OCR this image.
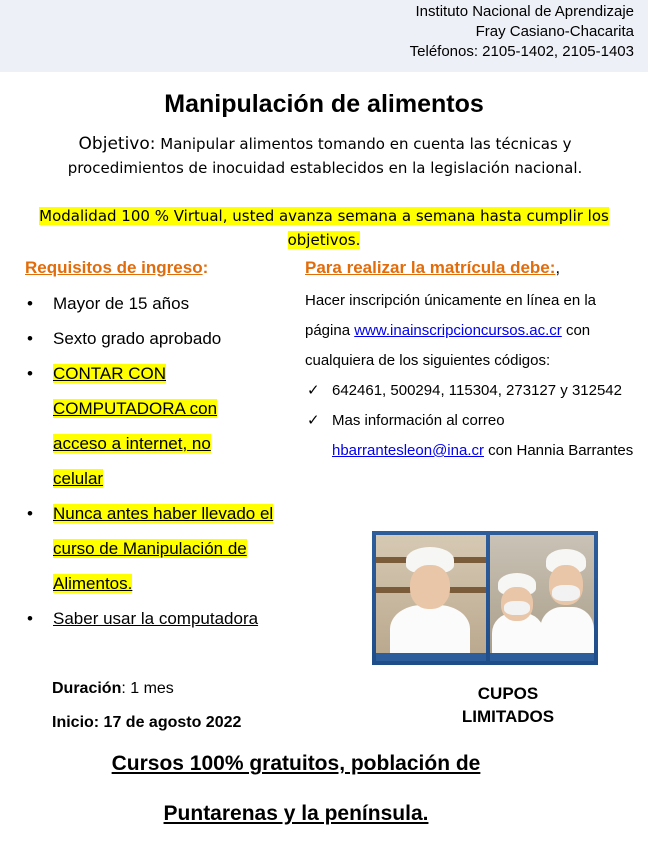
Instituto Nacional de Aprendizaje
Fray Casiano-Chacarita
Teléfonos: 2105-1402, 2105-1403
Manipulación de alimentos
Objetivo: Manipular alimentos tomando en cuenta las técnicas y procedimientos de inocuidad establecidos en la legislación nacional.
Modalidad 100 % Virtual, usted avanza semana a semana hasta cumplir los objetivos.
Requisitos de ingreso:
• Mayor de 15 años
• Sexto grado aprobado
• CONTAR CON COMPUTADORA con acceso a internet, no celular
• Nunca antes haber llevado el curso de Manipulación de Alimentos.
• Saber usar la computadora
Para realizar la matrícula debe:,
Hacer inscripción únicamente en línea en la página www.inainscripcioncursos.ac.cr con cualquiera de los siguientes códigos:
✓ 642461, 500294, 115304, 273127 y 312542
✓ Mas información al correo hbarrantesleon@ina.cr con Hannia Barrantes
Duración: 1 mes
Inicio: 17 de agosto 2022
CUPOS
LIMITADOS
Cursos 100% gratuitos, población de
Puntarenas y la península.
